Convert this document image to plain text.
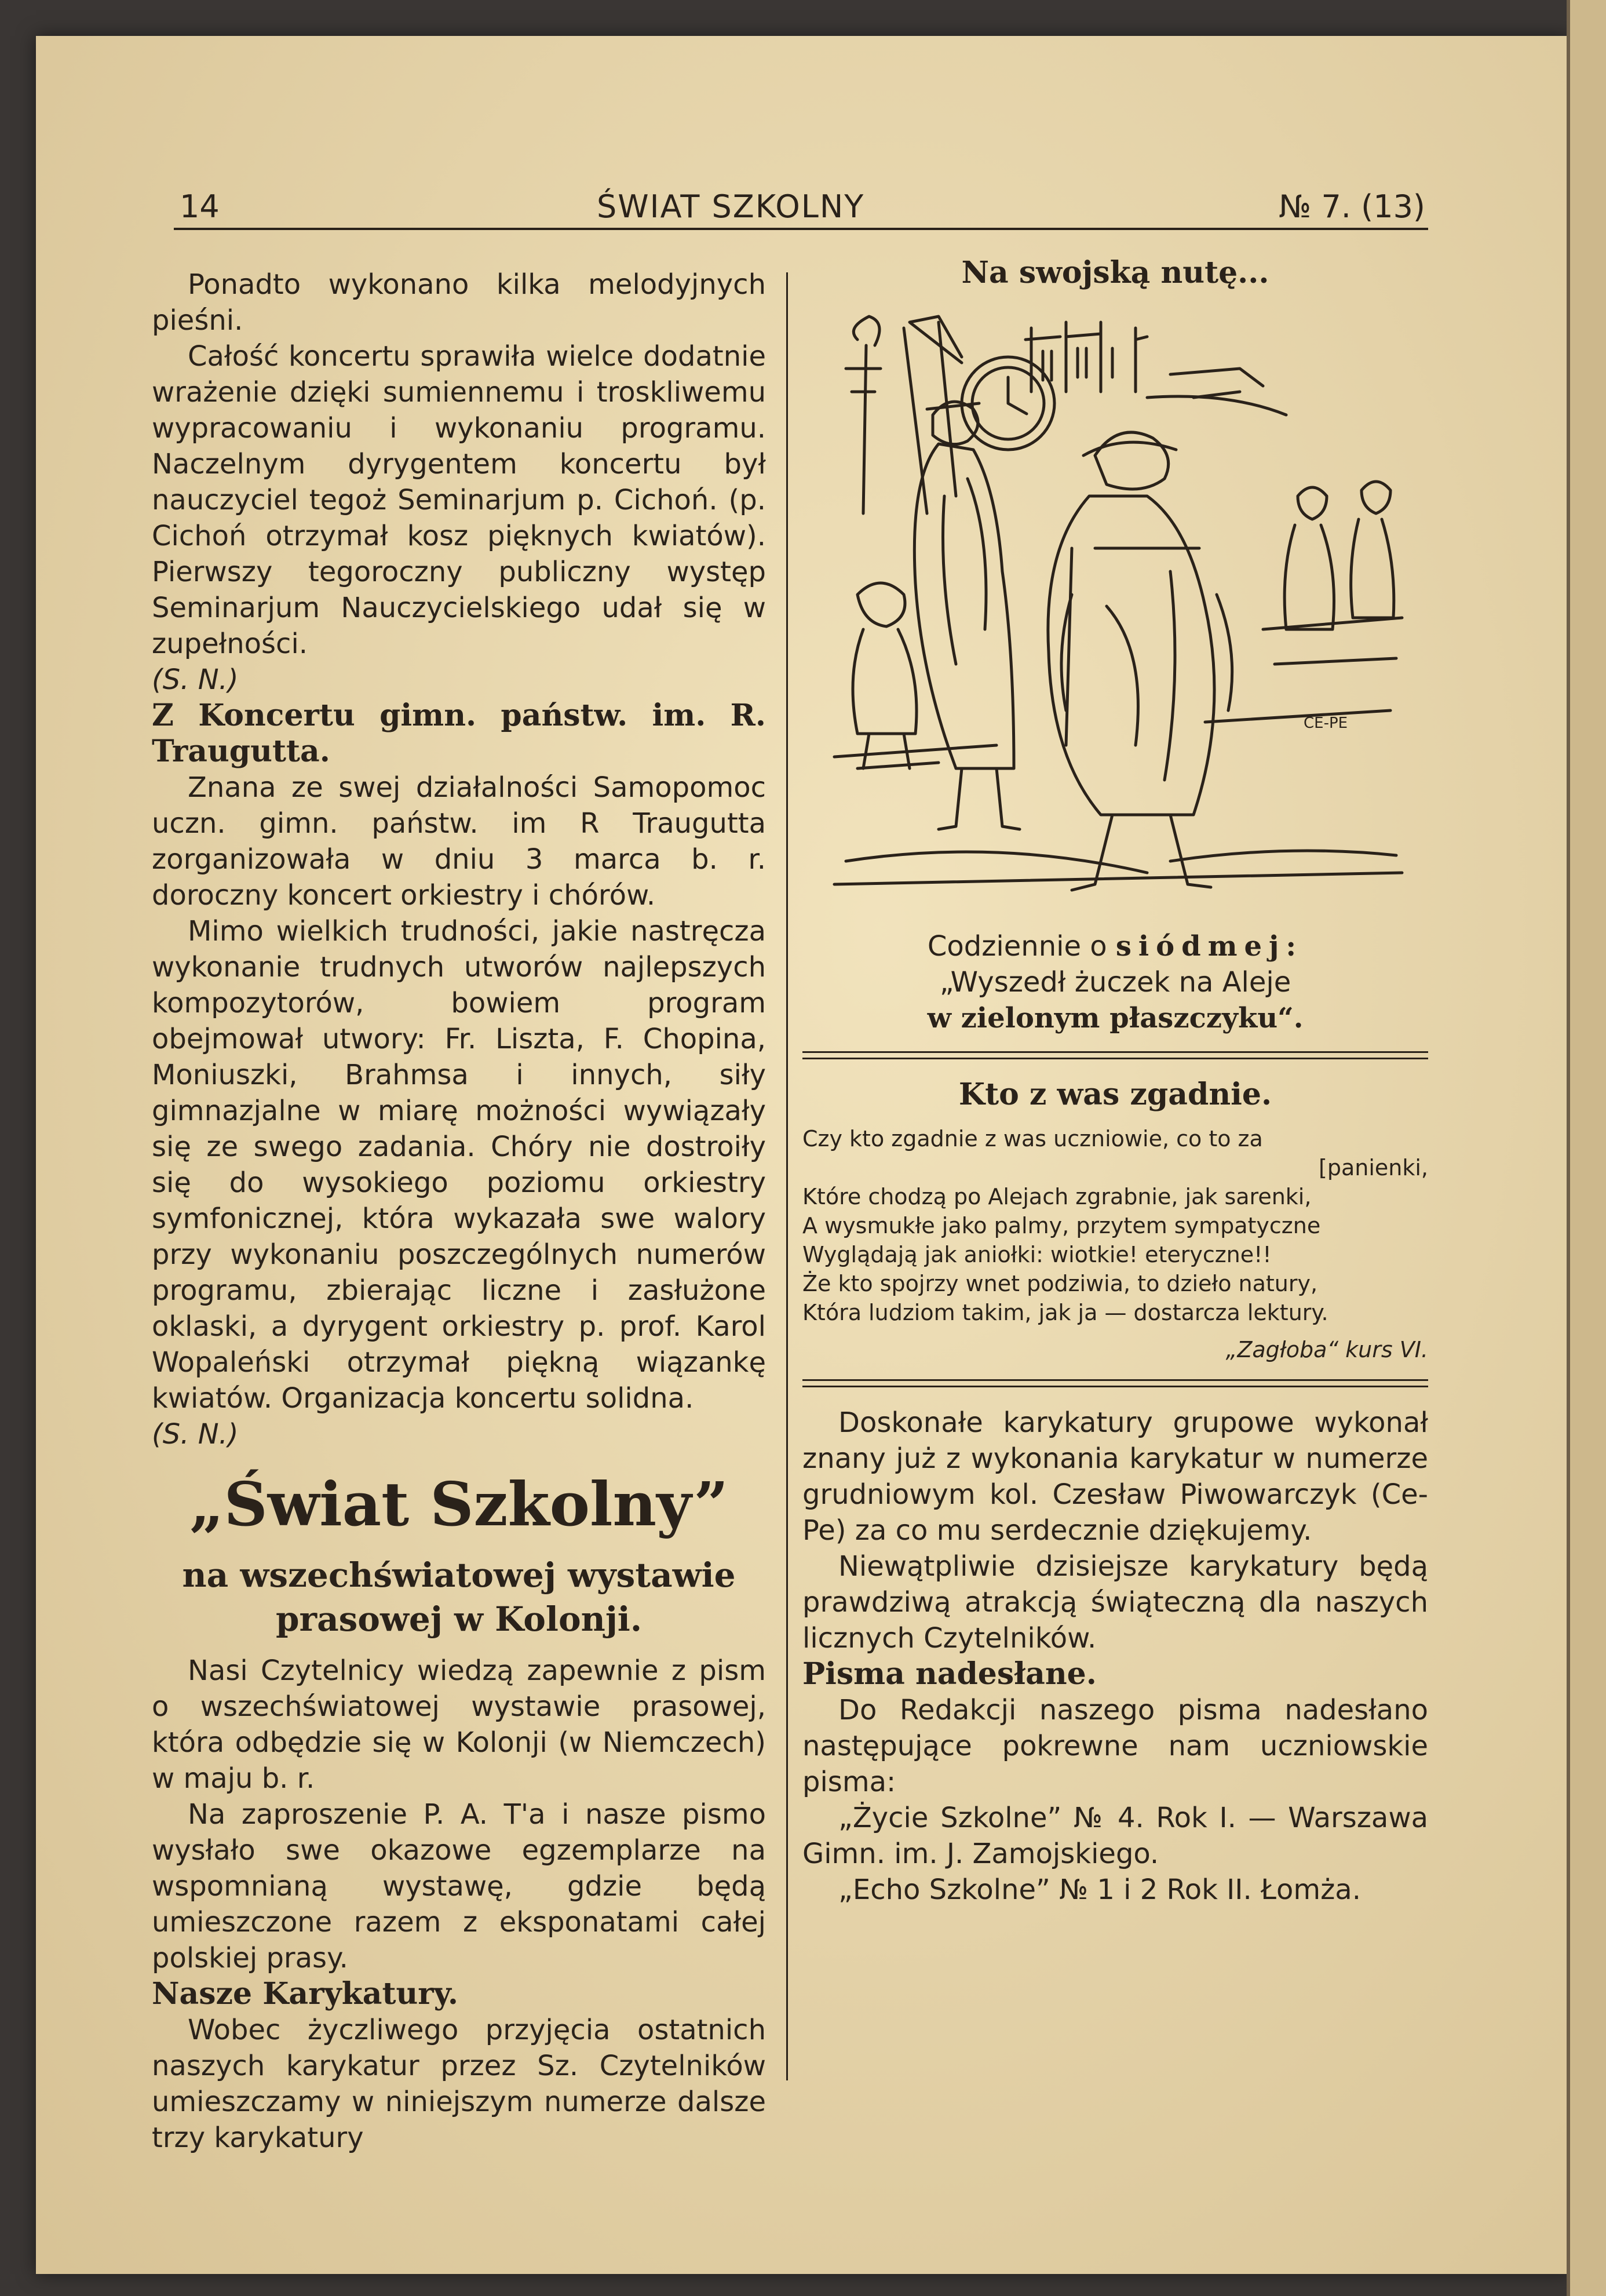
14	ŚWIAT SZKOLNY	№ 7. (13)

Ponadto wykonano kilka melodyjnych pieśni.

Całość koncertu sprawiła wielce dodatnie wrażenie dzięki sumiennemu i troskliwemu wypracowaniu i wykonaniu programu. Naczelnym dyrygentem koncertu był nauczyciel tegoż Seminarjum p. Cichoń. (p. Cichoń otrzymał kosz pięknych kwiatów). Pierwszy tegoroczny publiczny występ Seminarjum Nauczycielskiego udał się w zupełności.

(S. N.)

Z Koncertu gimn. państw. im. R. Traugutta.

Znana ze swej działalności Samopomoc uczn. gimn. państw. im R Traugutta zorganizowała w dniu 3 marca b. r. doroczny koncert orkiestry i chórów.

Mimo wielkich trudności, jakie nastręcza wykonanie trudnych utworów najlepszych kompozytorów, bowiem program obejmował utwory: Fr. Liszta, F. Chopina, Moniuszki, Brahmsa i innych, siły gimnazjalne w miarę możności wywiązały się ze swego zadania. Chóry nie dostroiły się do wysokiego poziomu orkiestry symfonicznej, która wykazała swe walory przy wykonaniu poszczególnych numerów programu, zbierając liczne i zasłużone oklaski, a dyrygent orkiestry p. prof. Karol Wopaleński otrzymał piękną wiązankę kwiatów. Organizacja koncertu solidna.

(S. N.)

„Świat Szkolny”
na wszechświatowej wystawie prasowej w Kolonji.

Nasi Czytelnicy wiedzą zapewnie z pism o wszechświatowej wystawie prasowej, która odbędzie się w Kolonji (w Niemczech) w maju b. r.

Na zaproszenie P. A. T'a i nasze pismo wysłało swe okazowe egzemplarze na wspomnianą wystawę, gdzie będą umieszczone razem z eksponatami całej polskiej prasy.

Nasze Karykatury.

Wobec życzliwego przyjęcia ostatnich naszych karykatur przez Sz. Czytelników umieszczamy w niniejszym numerze dalsze trzy karykatury

Na swojską nutę...
CE-PE
Codziennie o siódmej:
„Wyszedł żuczek na Aleje
w zielonym płaszczyku“.
Kto z was zgadnie.
Czy kto zgadnie z was uczniowie, co to za
[panienki,
Które chodzą po Alejach zgrabnie, jak sarenki,
A wysmukłe jako palmy, przytem sympatyczne
Wyglądają jak aniołki: wiotkie! eteryczne!!
Że kto spojrzy wnet podziwia, to dzieło natury,
Która ludziom takim, jak ja — dostarcza lektury.
„Zagłoba“ kurs VI.

Doskonałe karykatury grupowe wykonał znany już z wykonania karykatur w numerze grudniowym kol. Czesław Piwowarczyk (Ce-Pe) za co mu serdecznie dziękujemy.

Niewątpliwie dzisiejsze karykatury będą prawdziwą atrakcją świąteczną dla naszych licznych Czytelników.

Pisma nadesłane.

Do Redakcji naszego pisma nadesłano następujące pokrewne nam uczniowskie pisma:

„Życie Szkolne” № 4. Rok I. — Warszawa Gimn. im. J. Zamojskiego.

„Echo Szkolne” № 1 i 2 Rok II. Łomża.
